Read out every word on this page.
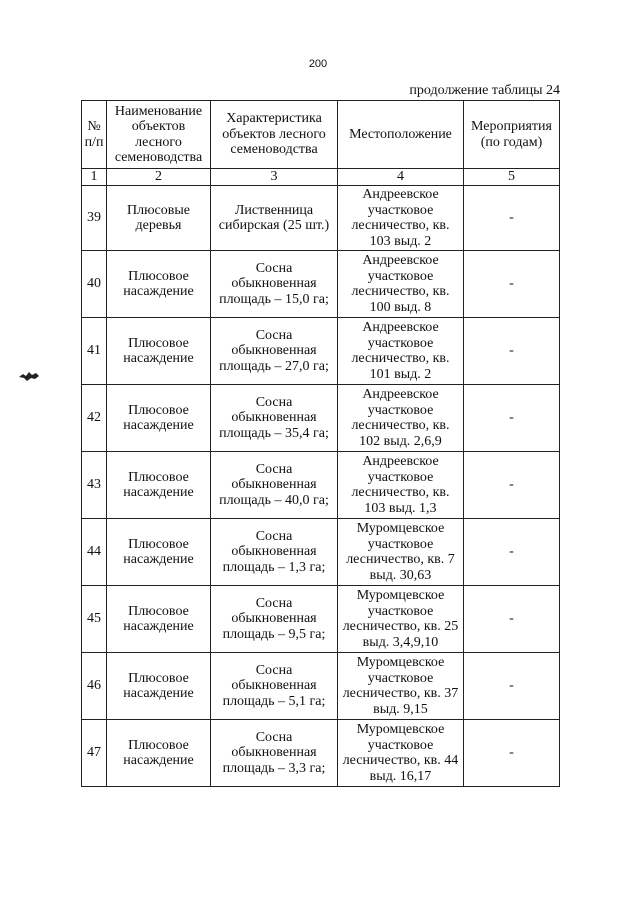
200
продолжение таблицы 24
№ п/п	Наименование объектов лесного семеноводства	Характеристика объектов лесного семеноводства	Местоположение	Мероприятия (по годам)
1	2	3	4	5
39	Плюсовые деревья	Лиственница сибирская (25 шт.)	Андреевское участковое лесничество, кв. 103 выд. 2	-
40	Плюсовое насаждение	Сосна обыкновенная площадь – 15,0 га;	Андреевское участковое лесничество, кв. 100 выд. 8	-
41	Плюсовое насаждение	Сосна обыкновенная площадь – 27,0 га;	Андреевское участковое лесничество, кв. 101 выд. 2	-
42	Плюсовое насаждение	Сосна обыкновенная площадь – 35,4 га;	Андреевское участковое лесничество, кв. 102 выд. 2,6,9	-
43	Плюсовое насаждение	Сосна обыкновенная площадь – 40,0 га;	Андреевское участковое лесничество, кв. 103 выд. 1,3	-
44	Плюсовое насаждение	Сосна обыкновенная площадь – 1,3 га;	Муромцевское участковое лесничество, кв. 7 выд. 30,63	-
45	Плюсовое насаждение	Сосна обыкновенная площадь – 9,5 га;	Муромцевское участковое лесничество, кв. 25 выд. 3,4,9,10	-
46	Плюсовое насаждение	Сосна обыкновенная площадь – 5,1 га;	Муромцевское участковое лесничество, кв. 37 выд. 9,15	-
47	Плюсовое насаждение	Сосна обыкновенная площадь – 3,3 га;	Муромцевское участковое лесничество, кв. 44 выд. 16,17	-
